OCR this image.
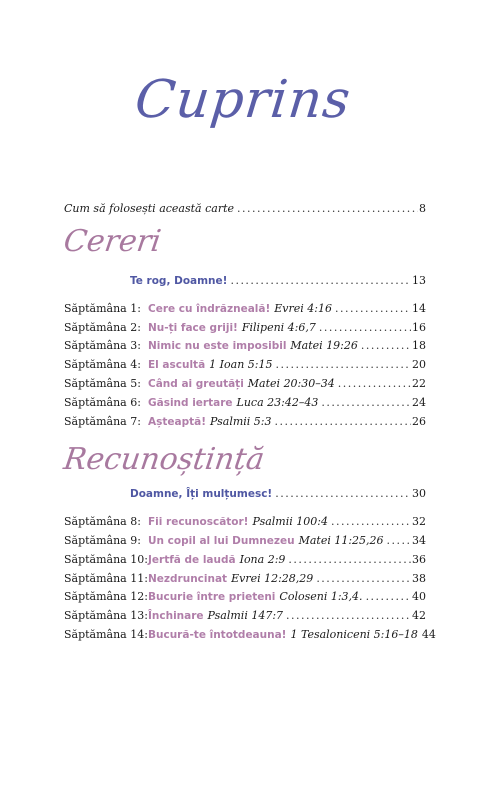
Cuprins
Cum să folosești această carte . . .	8
Cereri
Te rog, Doamne! . . .	13
Săptămâna 1: Cere cu îndrăzneală! Evrei 4:16 . . .	14
Săptămâna 2: Nu-ți face griji! Filipeni 4:6,7 . . .	16
Săptămâna 3: Nimic nu este imposibil Matei 19:26 . . .	18
Săptămâna 4: El ascultă 1 Ioan 5:15 . . .	20
Săptămâna 5: Când ai greutăți Matei 20:30–34 . . .	22
Săptămâna 6: Găsind iertare Luca 23:42–43 . . .	24
Săptămâna 7: Așteaptă! Psalmii 5:3 . . .	26
Recunoștință
Doamne, Îți mulțumesc! . . .	30
Săptămâna 8: Fii recunoscător! Psalmii 100:4 . . .	32
Săptămâna 9: Un copil al lui Dumnezeu Matei 11:25,26 . . .	34
Săptămâna 10: Jertfă de laudă Iona 2:9 . . .	36
Săptămâna 11: Nezdruncinat Evrei 12:28,29 . . .	38
Săptămâna 12: Bucurie între prieteni Coloseni 1:3,4. . . .	40
Săptămâna 13: Închinare Psalmii 147:7 . . .	42
Săptămâna 14: Bucură-te întotdeauna! 1 Tesaloniceni 5:16–18 44
